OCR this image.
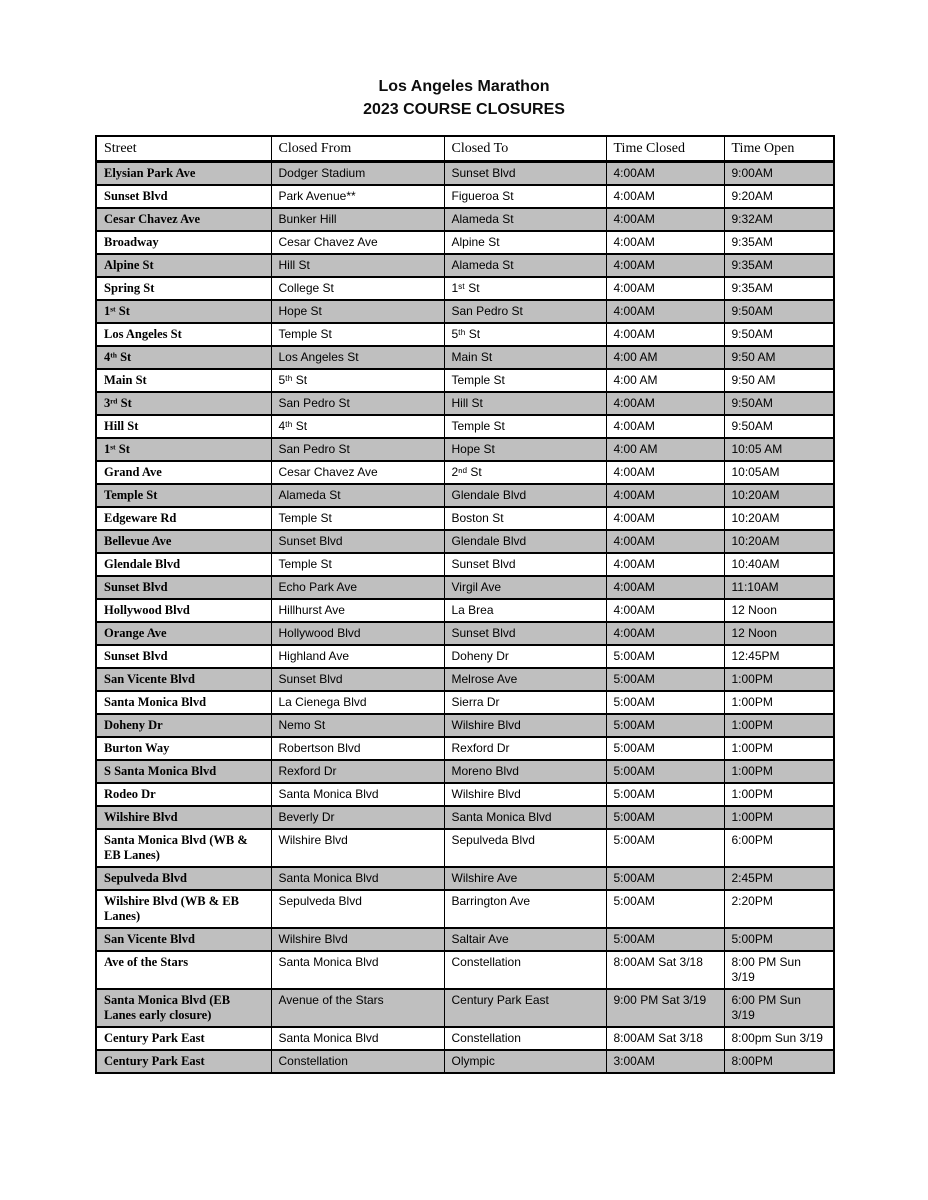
Los Angeles Marathon
2023 COURSE CLOSURES
Street	Closed From	Closed To	Time Closed	Time Open
Elysian Park Ave	Dodger Stadium	Sunset Blvd	4:00AM	9:00AM
Sunset Blvd	Park Avenue**	Figueroa St	4:00AM	9:20AM
Cesar Chavez Ave	Bunker Hill	Alameda St	4:00AM	9:32AM
Broadway	Cesar Chavez Ave	Alpine St	4:00AM	9:35AM
Alpine St	Hill St	Alameda St	4:00AM	9:35AM
Spring St	College St	1ˢᵗ St	4:00AM	9:35AM
1ˢᵗ St	Hope St	San Pedro St	4:00AM	9:50AM
Los Angeles St	Temple St	5ᵗʰ St	4:00AM	9:50AM
4ᵗʰ St	Los Angeles St	Main St	4:00 AM	9:50 AM
Main St	5ᵗʰ St	Temple St	4:00 AM	9:50 AM
3ʳᵈ St	San Pedro St	Hill St	4:00AM	9:50AM
Hill St	4ᵗʰ St	Temple St	4:00AM	9:50AM
1ˢᵗ St	San Pedro St	Hope St	4:00 AM	10:05 AM
Grand Ave	Cesar Chavez Ave	2ⁿᵈ St	4:00AM	10:05AM
Temple St	Alameda St	Glendale Blvd	4:00AM	10:20AM
Edgeware Rd	Temple St	Boston St	4:00AM	10:20AM
Bellevue Ave	Sunset Blvd	Glendale Blvd	4:00AM	10:20AM
Glendale Blvd	Temple St	Sunset Blvd	4:00AM	10:40AM
Sunset Blvd	Echo Park Ave	Virgil Ave	4:00AM	11:10AM
Hollywood Blvd	Hillhurst Ave	La Brea	4:00AM	12 Noon
Orange Ave	Hollywood Blvd	Sunset Blvd	4:00AM	12 Noon
Sunset Blvd	Highland Ave	Doheny Dr	5:00AM	12:45PM
San Vicente Blvd	Sunset Blvd	Melrose Ave	5:00AM	1:00PM
Santa Monica Blvd	La Cienega Blvd	Sierra Dr	5:00AM	1:00PM
Doheny Dr	Nemo St	Wilshire Blvd	5:00AM	1:00PM
Burton Way	Robertson Blvd	Rexford Dr	5:00AM	1:00PM
S Santa Monica Blvd	Rexford Dr	Moreno Blvd	5:00AM	1:00PM
Rodeo Dr	Santa Monica Blvd	Wilshire Blvd	5:00AM	1:00PM
Wilshire Blvd	Beverly Dr	Santa Monica Blvd	5:00AM	1:00PM
Santa Monica Blvd (WB & EB Lanes)	Wilshire Blvd	Sepulveda Blvd	5:00AM	6:00PM
Sepulveda Blvd	Santa Monica Blvd	Wilshire Ave	5:00AM	2:45PM
Wilshire Blvd (WB & EB Lanes)	Sepulveda Blvd	Barrington Ave	5:00AM	2:20PM
San Vicente Blvd	Wilshire Blvd	Saltair Ave	5:00AM	5:00PM
Ave of the Stars	Santa Monica Blvd	Constellation	8:00AM Sat 3/18	8:00 PM Sun 3/19
Santa Monica Blvd (EB Lanes early closure)	Avenue of the Stars	Century Park East	9:00 PM Sat 3/19	6:00 PM Sun 3/19
Century Park East	Santa Monica Blvd	Constellation	8:00AM Sat 3/18	8:00pm Sun 3/19
Century Park East	Constellation	Olympic	3:00AM	8:00PM
